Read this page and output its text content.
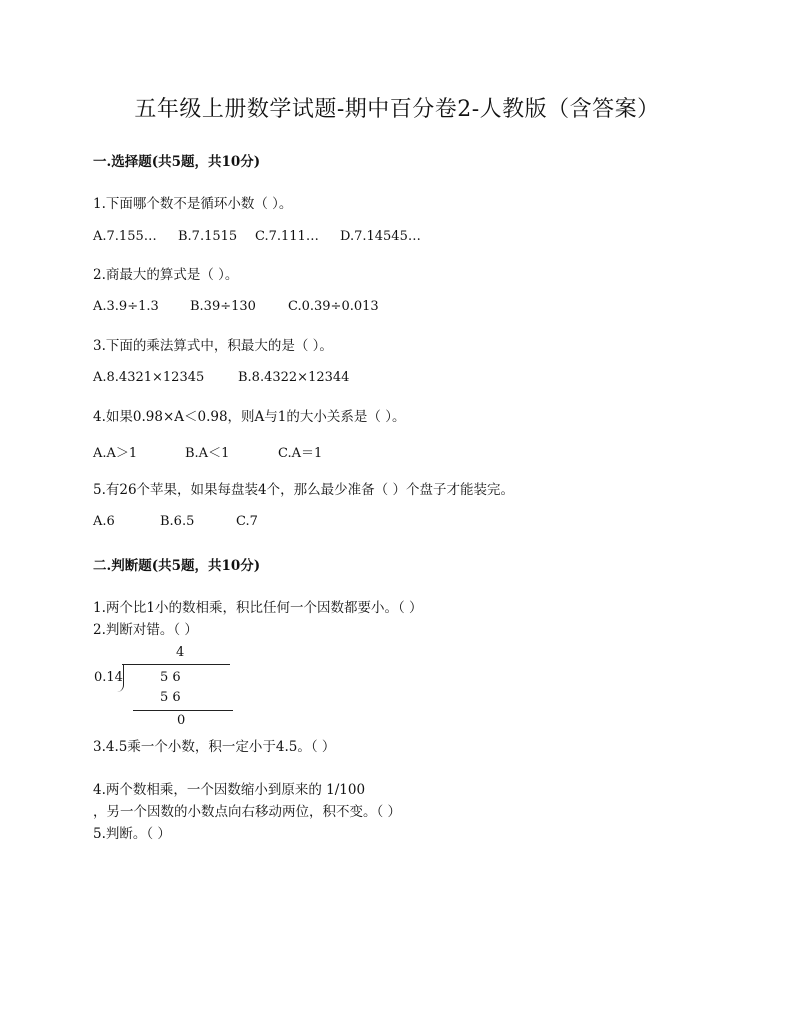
五年级上册数学试题-期中百分卷2-人教版（含答案）
一.选择题(共5题，共10分)
1.下面哪个数不是循环小数（ ）。
A.7.155… B.7.1515 C.7.111… D.7.14545…
2.商最大的算式是（ ）。
A.3.9÷1.3 B.39÷130 C.0.39÷0.013
3.下面的乘法算式中，积最大的是（ ）。
A.8.4321×12345	B.8.4322×12344
4.如果0.98×A＜0.98，则A与1的大小关系是（ ）。
A.A＞1	B.A＜1	C.A＝1
5.有26个苹果，如果每盘装4个，那么最少准备（ ）个盘子才能装完。
A.6	B.6.5	C.7
二.判断题(共5题，共10分)
1.两个比1小的数相乘，积比任何一个因数都要小。（ ）
2.判断对错。（ ）
4
0.14	5 6
5 6
0
3.4.5乘一个小数，积一定小于4.5。（ ）
4.两个数相乘，一个因数缩小到原来的 1/100
，另一个因数的小数点向右移动两位，积不变。（ ）
5.判断。（ ）
